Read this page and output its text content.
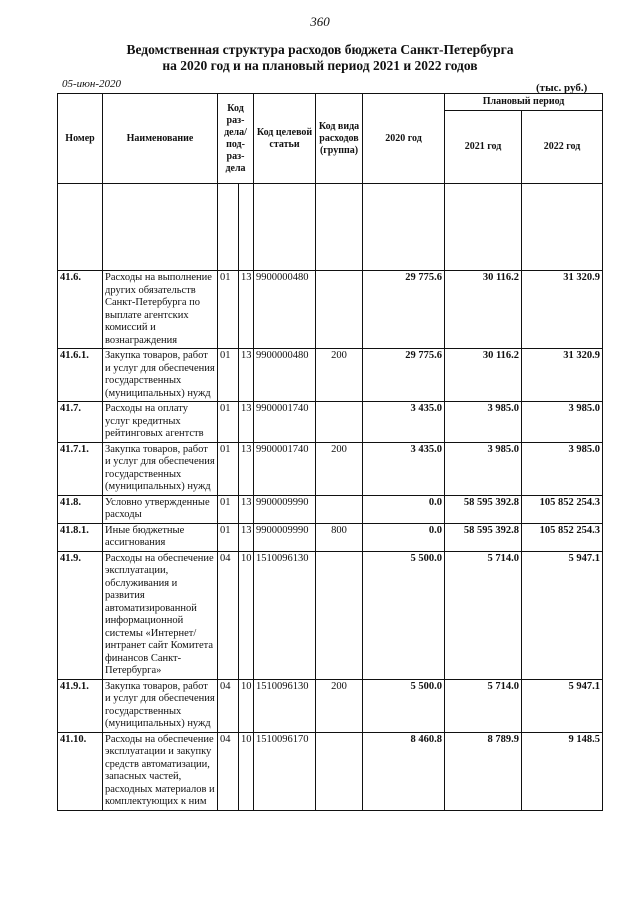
360
Ведомственная структура расходов бюджета Санкт-Петербурга
на 2020 год и на плановый период 2021 и 2022 годов
05-июн-2020	(тыс. руб.)
Номер	Наименование	Код раз-дела/ под-раз-дела		Код целевой статьи	Код вида расходов (группа)	2020 год	Плановый период	
							2021 год	2022 год

41.6.	Расходы на выполнение других обязательств Санкт-Петербурга по выплате агентских комиссий и вознаграждения	01	13	9900000480		29 775.6	30 116.2	31 320.9
41.6.1.	Закупка товаров, работ и услуг для обеспечения государственных (муниципальных) нужд	01	13	9900000480	200	29 775.6	30 116.2	31 320.9
41.7.	Расходы на оплату услуг кредитных рейтинговых агентств	01	13	9900001740		3 435.0	3 985.0	3 985.0
41.7.1.	Закупка товаров, работ и услуг для обеспечения государственных (муниципальных) нужд	01	13	9900001740	200	3 435.0	3 985.0	3 985.0
41.8.	Условно утвержденные расходы	01	13	9900009990		0.0	58 595 392.8	105 852 254.3
41.8.1.	Иные бюджетные ассигнования	01	13	9900009990	800	0.0	58 595 392.8	105 852 254.3
41.9.	Расходы на обеспечение эксплуатации, обслуживания и развития автоматизированной информационной системы «Интернет/интранет сайт Комитета финансов Санкт-Петербурга»	04	10	1510096130		5 500.0	5 714.0	5 947.1
41.9.1.	Закупка товаров, работ и услуг для обеспечения государственных (муниципальных) нужд	04	10	1510096130	200	5 500.0	5 714.0	5 947.1
41.10.	Расходы на обеспечение эксплуатации и закупку средств автоматизации, запасных частей, расходных материалов и комплектующих к ним	04	10	1510096170		8 460.8	8 789.9	9 148.5
